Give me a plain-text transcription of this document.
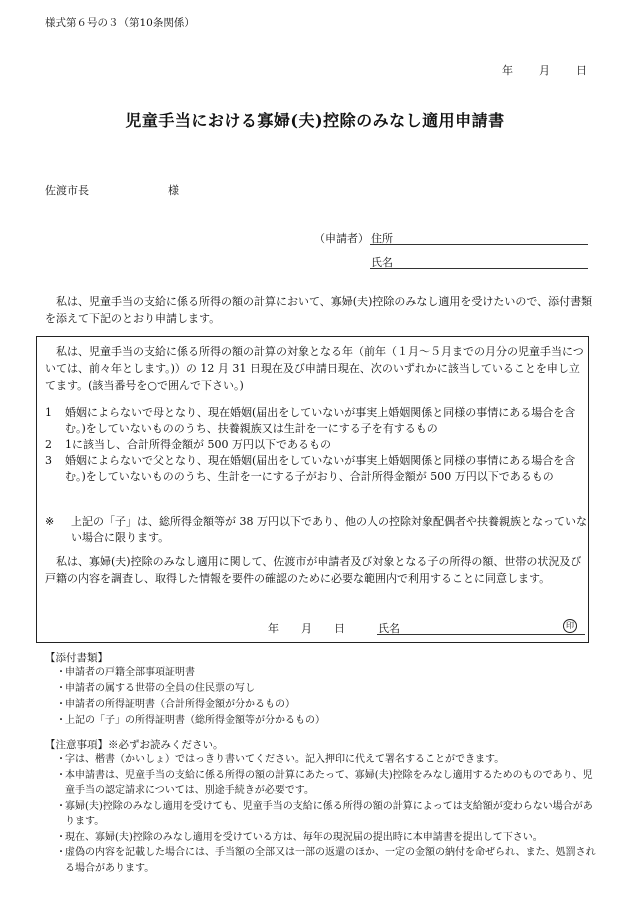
様式第６号の３（第10条関係）
年 月 日
児童手当における寡婦(夫)控除のみなし適用申請書
佐渡市長	様
（申請者） 住所
氏名
私は、児童手当の支給に係る所得の額の計算において、寡婦(夫)控除のみなし適用を受けたいので、添付書類を添えて下記のとおり申請します。
私は、児童手当の支給に係る所得の額の計算の対象となる年（前年（１月～５月までの月分の児童手当については、前々年とします。)）の 12 月 31 日現在及び申請日現在、次のいずれかに該当していることを申し立てます。(該当番号を○で囲んで下さい。)
1	婚姻によらないで母となり、現在婚姻(届出をしていないが事実上婚姻関係と同様の事情にある場合を含む。)をしていないもののうち、扶養親族又は生計を一にする子を有するもの
2	1に該当し、合計所得金額が 500 万円以下であるもの
3	婚姻によらないで父となり、現在婚姻(届出をしていないが事実上婚姻関係と同様の事情にある場合を含む。)をしていないもののうち、生計を一にする子がおり、合計所得金額が 500 万円以下であるもの
※	上記の「子」は、総所得金額等が 38 万円以下であり、他の人の控除対象配偶者や扶養親族となっていない場合に限ります。
私は、寡婦(夫)控除のみなし適用に関して、佐渡市が申請者及び対象となる子の所得の額、世帯の状況及び戸籍の内容を調査し、取得した情報を要件の確認のために必要な範囲内で利用することに同意します。
年　　月　　日	氏名	印
【添付書類】
・ 申請者の戸籍全部事項証明書
・ 申請者の属する世帯の全員の住民票の写し
・ 申請者の所得証明書（合計所得金額が分かるもの）
・ 上記の「子」の所得証明書（総所得金額等が分かるもの）
【注意事項】※必ずお読みください。
・ 字は、楷書（かいしょ）ではっきり書いてください。記入押印に代えて署名することができます。
・ 本申請書は、児童手当の支給に係る所得の額の計算にあたって、寡婦(夫)控除をみなし適用するためのものであり、児童手当の認定請求については、別途手続きが必要です。
・ 寡婦(夫)控除のみなし適用を受けても、児童手当の支給に係る所得の額の計算によっては支給額が変わらない場合があります。
・ 現在、寡婦(夫)控除のみなし適用を受けている方は、毎年の現況届の提出時に本申請書を提出して下さい。
・ 虚偽の内容を記載した場合には、手当額の全部又は一部の返還のほか、一定の金額の納付を命ぜられ、また、処罰される場合があります。
